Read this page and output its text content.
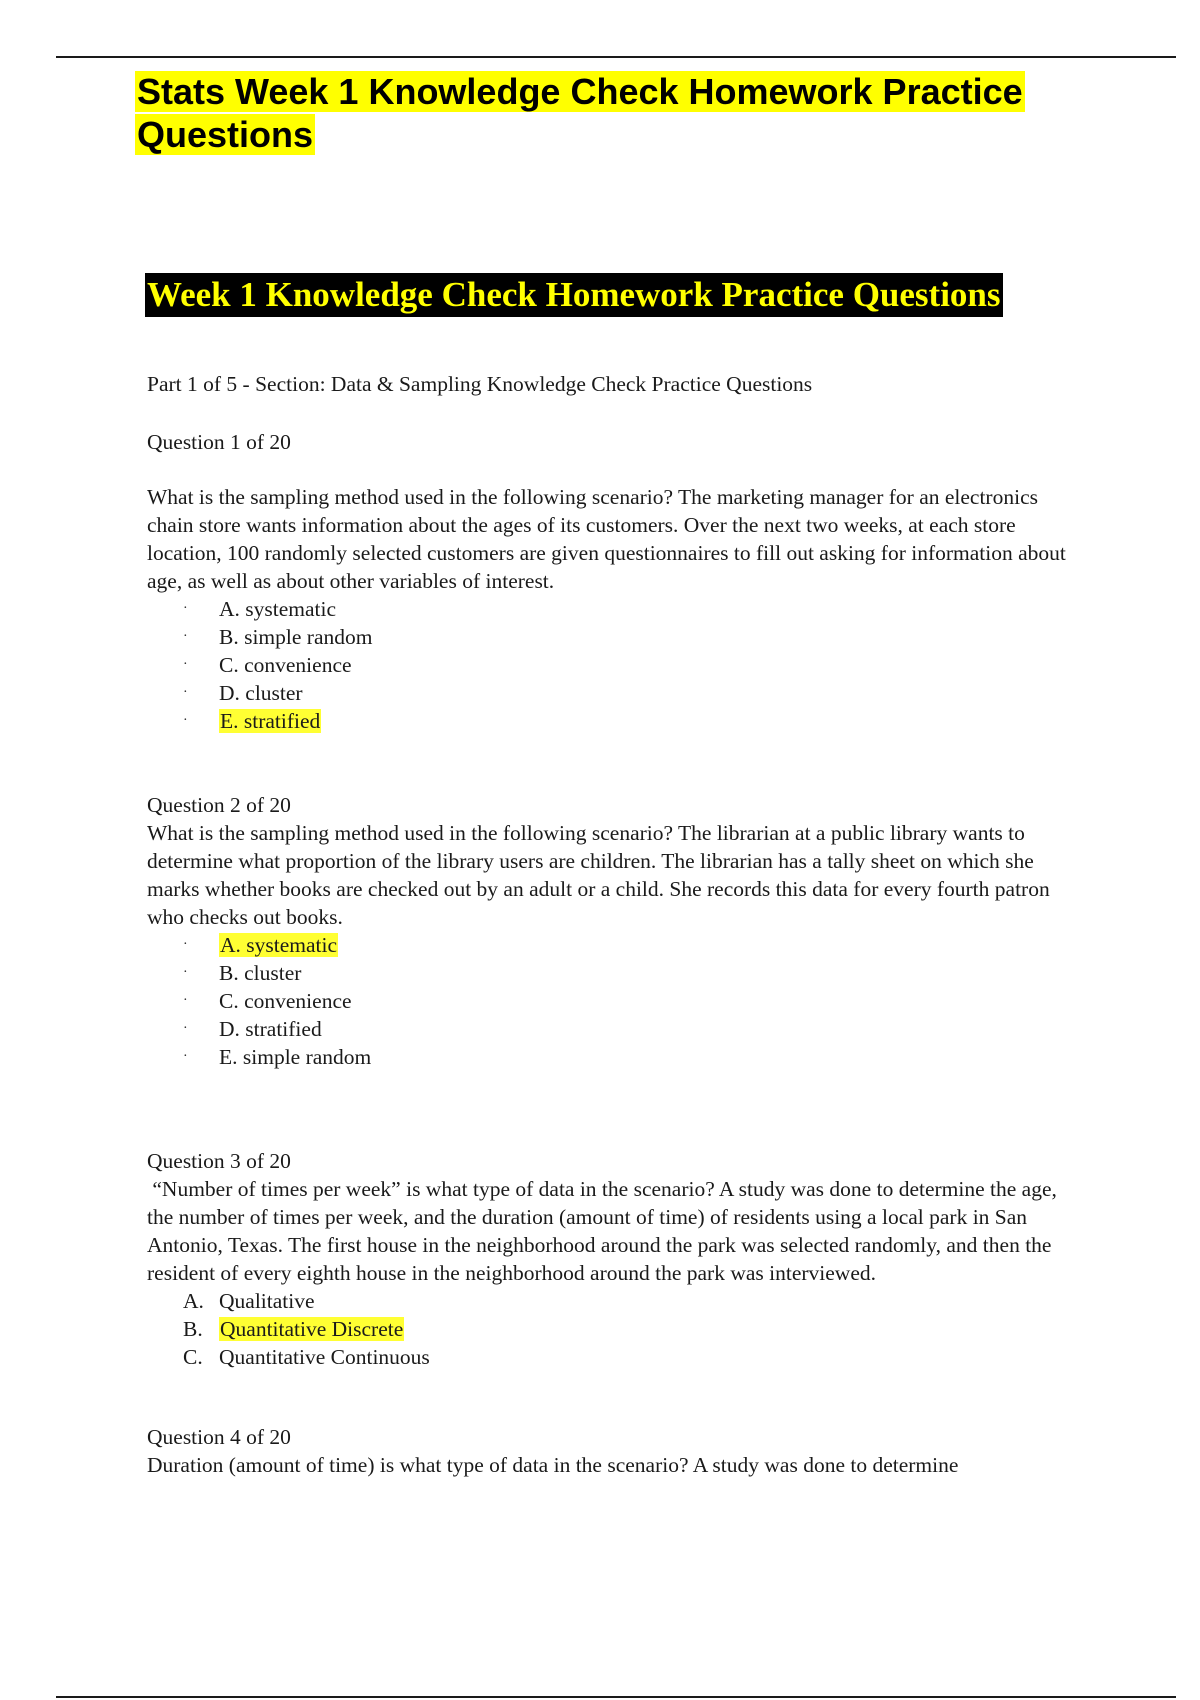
Stats Week 1 Knowledge Check Homework Practice Questions
Week 1 Knowledge Check Homework Practice Questions

Part 1 of 5 - Section: Data & Sampling Knowledge Check Practice Questions

Question 1 of 20

What is the sampling method used in the following scenario? The marketing manager for an electronics chain store wants information about the ages of its customers. Over the next two weeks, at each store location, 100 randomly selected customers are given questionnaires to fill out asking for information about age, as well as about other variables of interest.

· A. systematic
· B. simple random
· C. convenience
· D. cluster
· E. stratified

Question 2 of 20

What is the sampling method used in the following scenario? The librarian at a public library wants to determine what proportion of the library users are children. The librarian has a tally sheet on which she marks whether books are checked out by an adult or a child. She records this data for every fourth patron who checks out books.

· A. systematic
· B. cluster
· C. convenience
· D. stratified
· E. simple random

Question 3 of 20

“Number of times per week” is what type of data in the scenario? A study was done to determine the age, the number of times per week, and the duration (amount of time) of residents using a local park in San Antonio, Texas. The first house in the neighborhood around the park was selected randomly, and then the resident of every eighth house in the neighborhood around the park was interviewed.

A. Qualitative
B. Quantitative Discrete
C. Quantitative Continuous

Question 4 of 20

Duration (amount of time) is what type of data in the scenario? A study was done to determine
